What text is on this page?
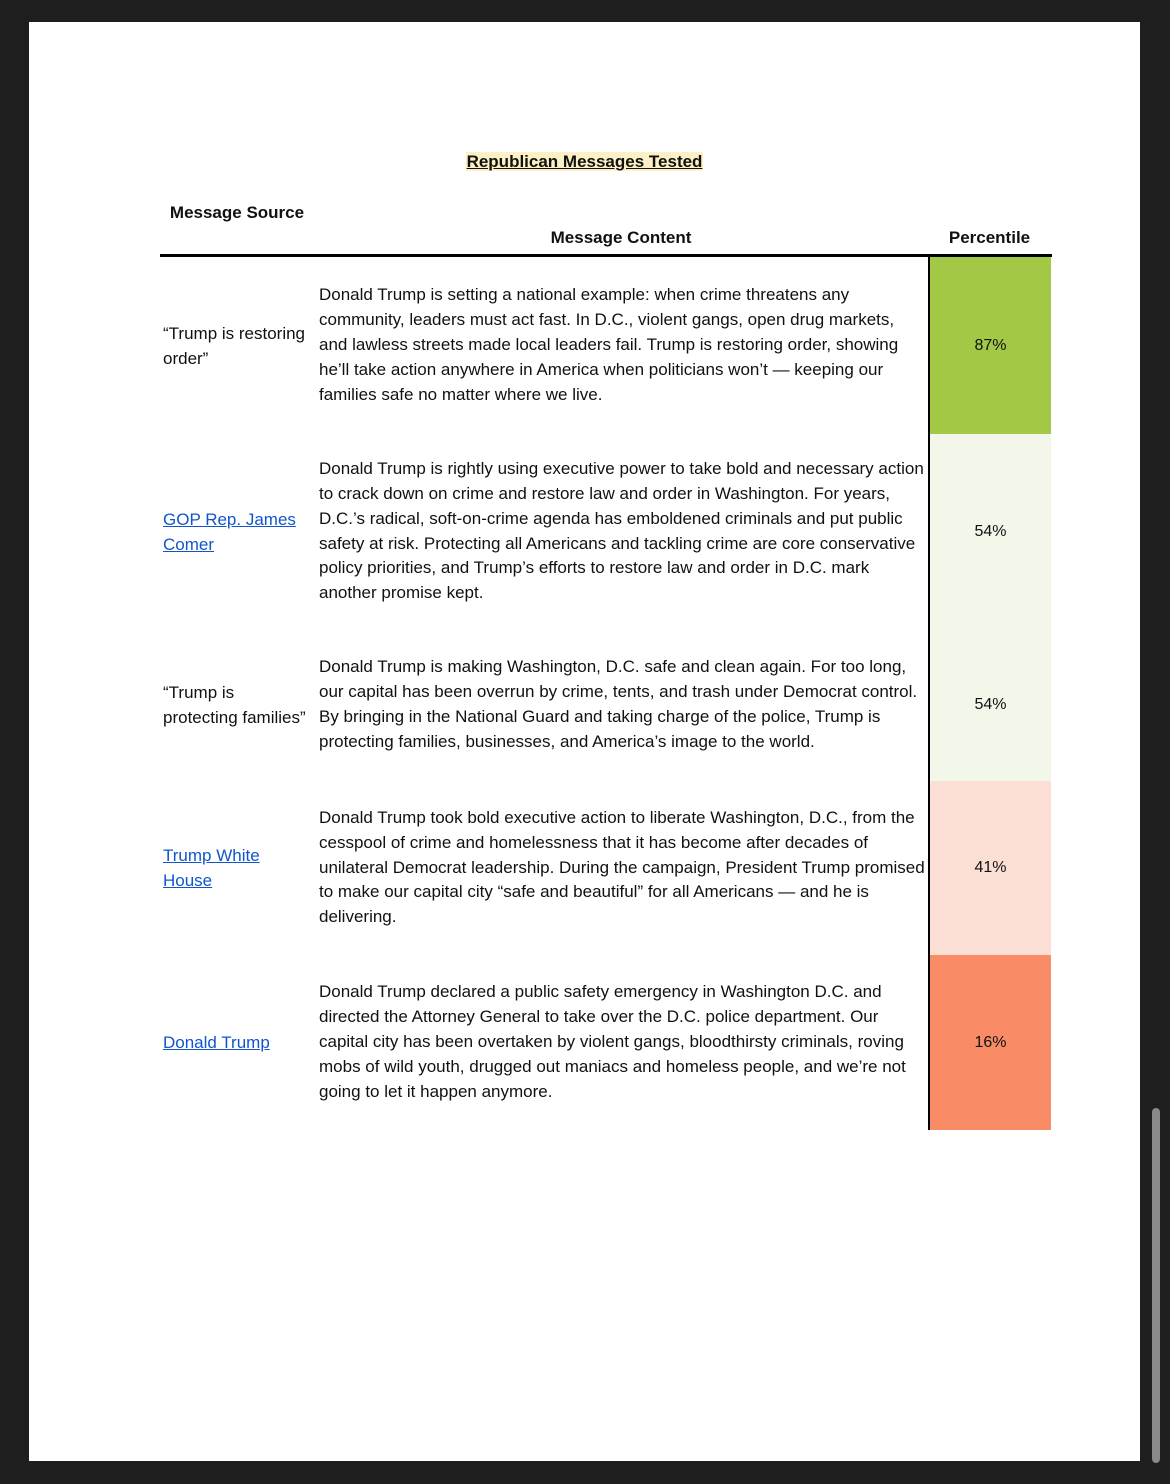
Republican Messages Tested
Message Source
Message Content	Percentile
“Trump is restoring order”
Donald Trump is setting a national example: when crime threatens any community, leaders must act fast. In D.C., violent gangs, open drug markets, and lawless streets made local leaders fail. Trump is restoring order, showing he’ll take action anywhere in America when politicians won’t — keeping our families safe no matter where we live.
87%
GOP Rep. James Comer
Donald Trump is rightly using executive power to take bold and necessary action to crack down on crime and restore law and order in Washington. For years, D.C.’s radical, soft-on-crime agenda has emboldened criminals and put public safety at risk. Protecting all Americans and tackling crime are core conservative policy priorities, and Trump’s efforts to restore law and order in D.C. mark another promise kept.
54%
“Trump is protecting families”
Donald Trump is making Washington, D.C. safe and clean again. For too long, our capital has been overrun by crime, tents, and trash under Democrat control. By bringing in the National Guard and taking charge of the police, Trump is protecting families, businesses, and America’s image to the world.
54%
Trump White House
Donald Trump took bold executive action to liberate Washington, D.C., from the cesspool of crime and homelessness that it has become after decades of unilateral Democrat leadership. During the campaign, President Trump promised to make our capital city “safe and beautiful” for all Americans — and he is delivering.
41%
Donald Trump
Donald Trump declared a public safety emergency in Washington D.C. and directed the Attorney General to take over the D.C. police department. Our capital city has been overtaken by violent gangs, bloodthirsty criminals, roving mobs of wild youth, drugged out maniacs and homeless people, and we’re not going to let it happen anymore.
16%
